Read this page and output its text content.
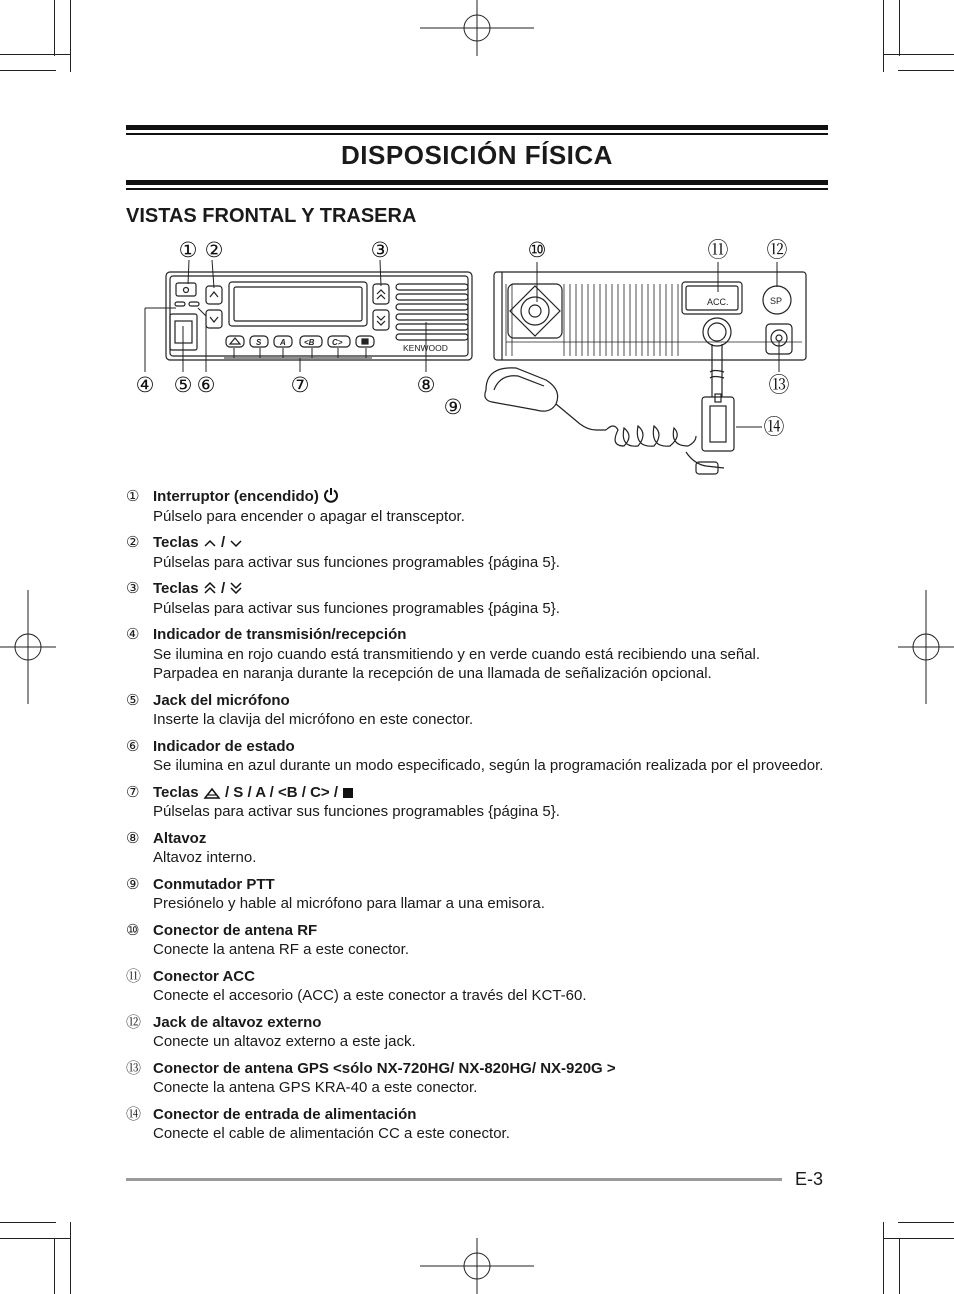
DISPOSICIÓN FÍSICA
VISTAS FRONTAL Y TRASERA
KENWOOD
ACC.	SP
S A <B C>
① ②	③
④ ⑤ ⑥	⑦	⑧
⑨
⑩	⑪ ⑫
⑬
⑭
① Interruptor (encendido)
Púlselo para encender o apagar el transceptor.
② Teclas /
Púlselas para activar sus funciones programables {página 5}.
③ Teclas /
Púlselas para activar sus funciones programables {página 5}.
④ Indicador de transmisión/recepción
Se ilumina en rojo cuando está transmitiendo y en verde cuando está recibiendo una señal. Parpadea en naranja durante la recepción de una llamada de señalización opcional.
⑤ Jack del micrófono
Inserte la clavija del micrófono en este conector.
⑥ Indicador de estado
Se ilumina en azul durante un modo especificado, según la programación realizada por el proveedor.
⑦ Teclas / S / A / <B / C> /
Púlselas para activar sus funciones programables {página 5}.
⑧ Altavoz
Altavoz interno.
⑨ Conmutador PTT
Presiónelo y hable al micrófono para llamar a una emisora.
⑩ Conector de antena RF
Conecte la antena RF a este conector.
⑪ Conector ACC
Conecte el accesorio (ACC) a este conector a través del KCT-60.
⑫ Jack de altavoz externo
Conecte un altavoz externo a este jack.
⑬ Conector de antena GPS <sólo NX-720HG/ NX-820HG/ NX-920G >
Conecte la antena GPS KRA-40 a este conector.
⑭ Conector de entrada de alimentación
Conecte el cable de alimentación CC a este conector.
E-3
